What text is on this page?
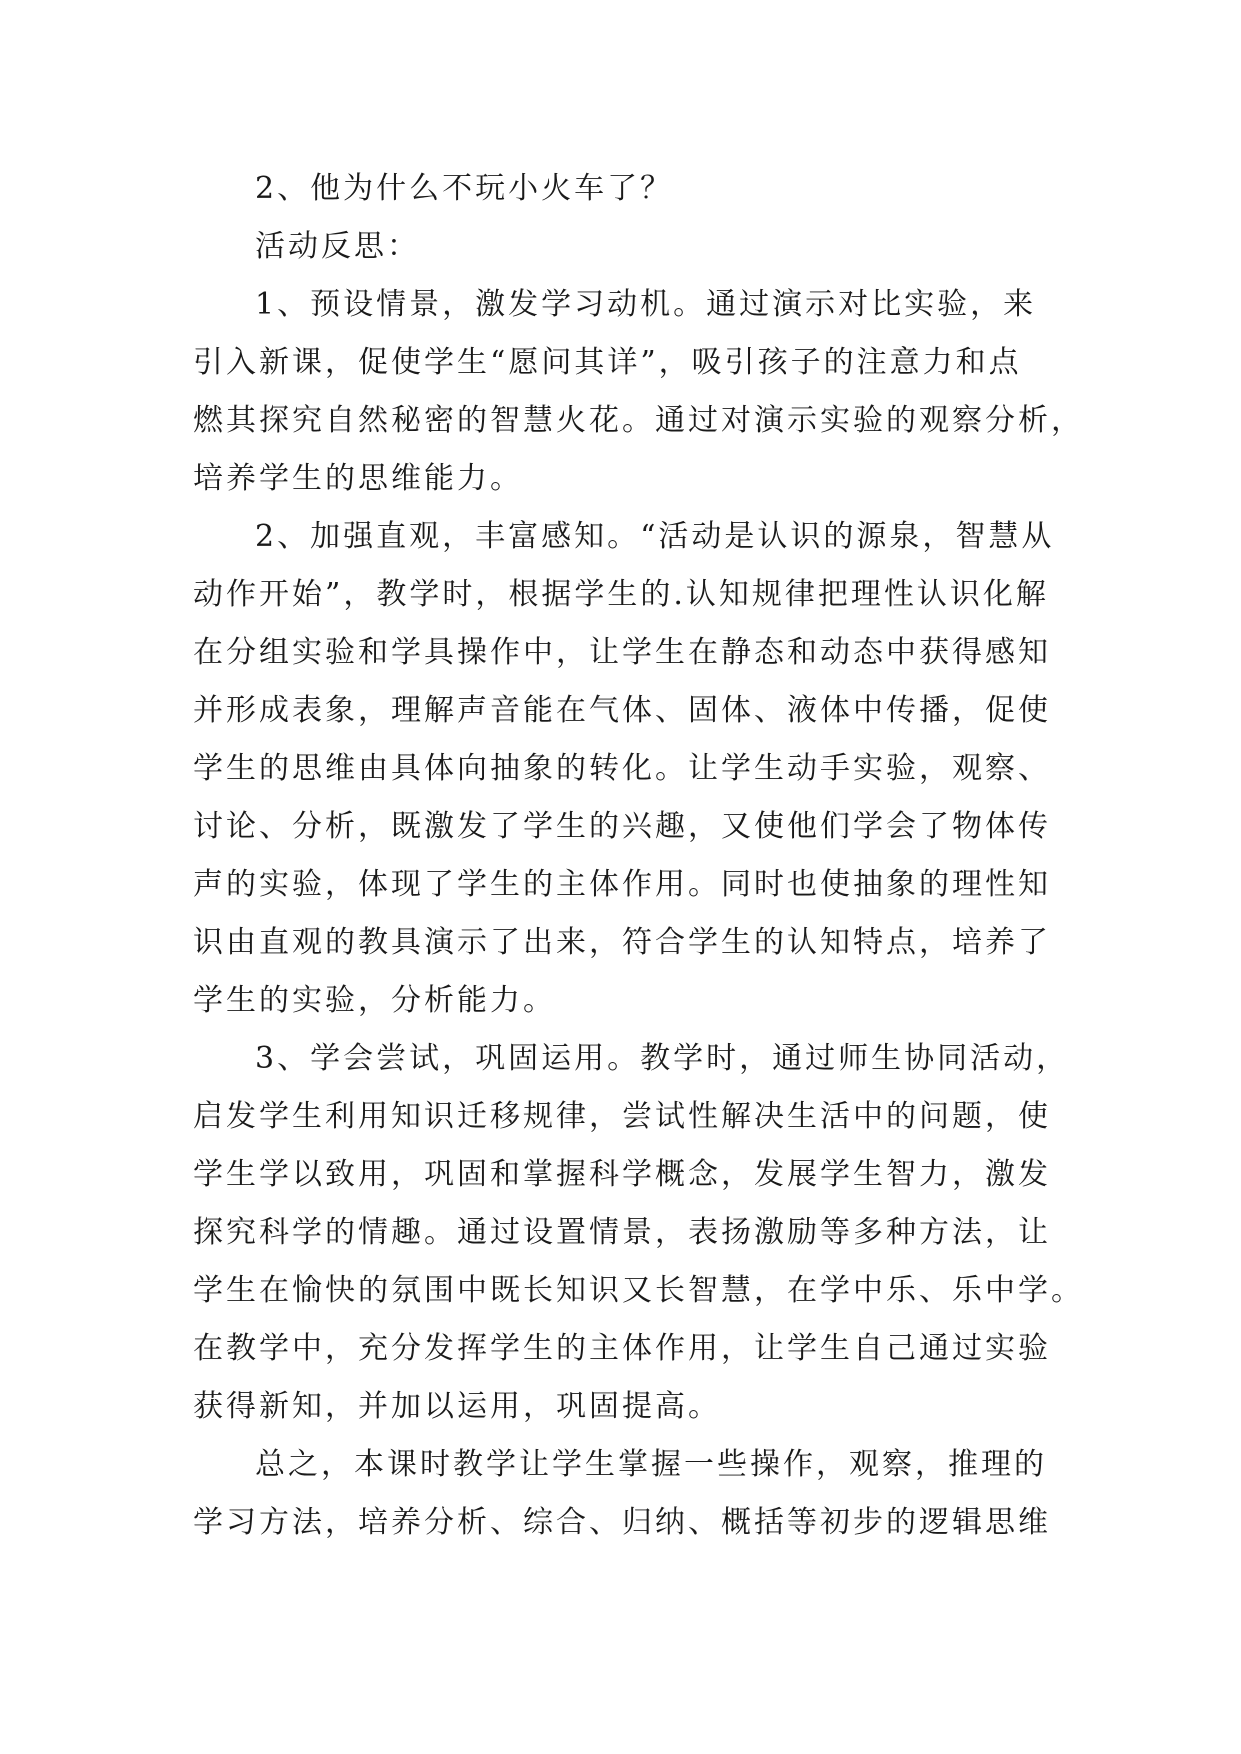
2、他为什么不玩小火车了？
活动反思：
1、预设情景，激发学习动机。通过演示对比实验，来
引入新课，促使学生“愿问其详”，吸引孩子的注意力和点
燃其探究自然秘密的智慧火花。通过对演示实验的观察分析，
培养学生的思维能力。
2、加强直观，丰富感知。“活动是认识的源泉，智慧从
动作开始”，教学时，根据学生的.认知规律把理性认识化解
在分组实验和学具操作中，让学生在静态和动态中获得感知
并形成表象，理解声音能在气体、固体、液体中传播，促使
学生的思维由具体向抽象的转化。让学生动手实验，观察、
讨论、分析，既激发了学生的兴趣，又使他们学会了物体传
声的实验，体现了学生的主体作用。同时也使抽象的理性知
识由直观的教具演示了出来，符合学生的认知特点，培养了
学生的实验，分析能力。
3、学会尝试，巩固运用。教学时，通过师生协同活动，
启发学生利用知识迁移规律，尝试性解决生活中的问题，使
学生学以致用，巩固和掌握科学概念，发展学生智力，激发
探究科学的情趣。通过设置情景，表扬激励等多种方法，让
学生在愉快的氛围中既长知识又长智慧，在学中乐、乐中学。
在教学中，充分发挥学生的主体作用，让学生自己通过实验
获得新知，并加以运用，巩固提高。
总之，本课时教学让学生掌握一些操作，观察，推理的
学习方法，培养分析、综合、归纳、概括等初步的逻辑思维
